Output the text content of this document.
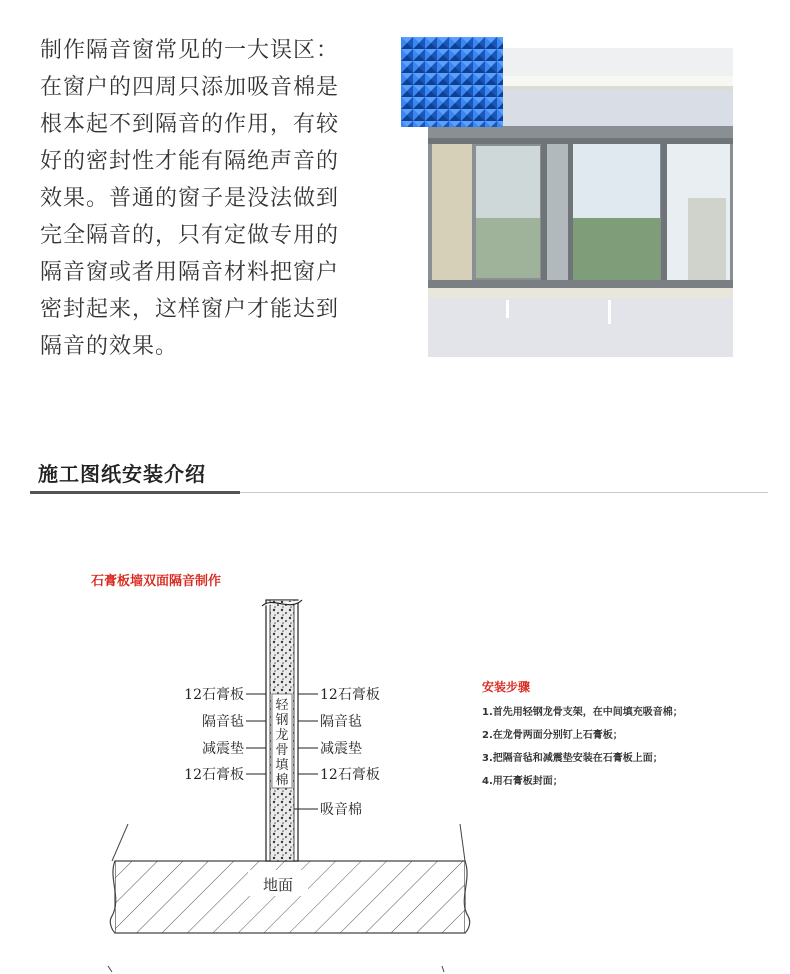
制作隔音窗常见的一大误区：
在窗户的四周只添加吸音棉是
根本起不到隔音的作用，有较
好的密封性才能有隔绝声音的
效果。普通的窗子是没法做到
完全隔音的，只有定做专用的
隔音窗或者用隔音材料把窗户
密封起来，这样窗户才能达到
隔音的效果。
施工图纸安装介绍
石膏板墙双面隔音制作
地面
轻
钢
龙
骨
填
棉
12石膏板
隔音毡
减震垫
12石膏板
12石膏板
隔音毡
减震垫
12石膏板
吸音棉
安装步骤
1.首先用轻钢龙骨支架，在中间填充吸音棉；
2.在龙骨两面分别钉上石膏板；
3.把隔音毡和减震垫安装在石膏板上面；
4.用石膏板封面；
